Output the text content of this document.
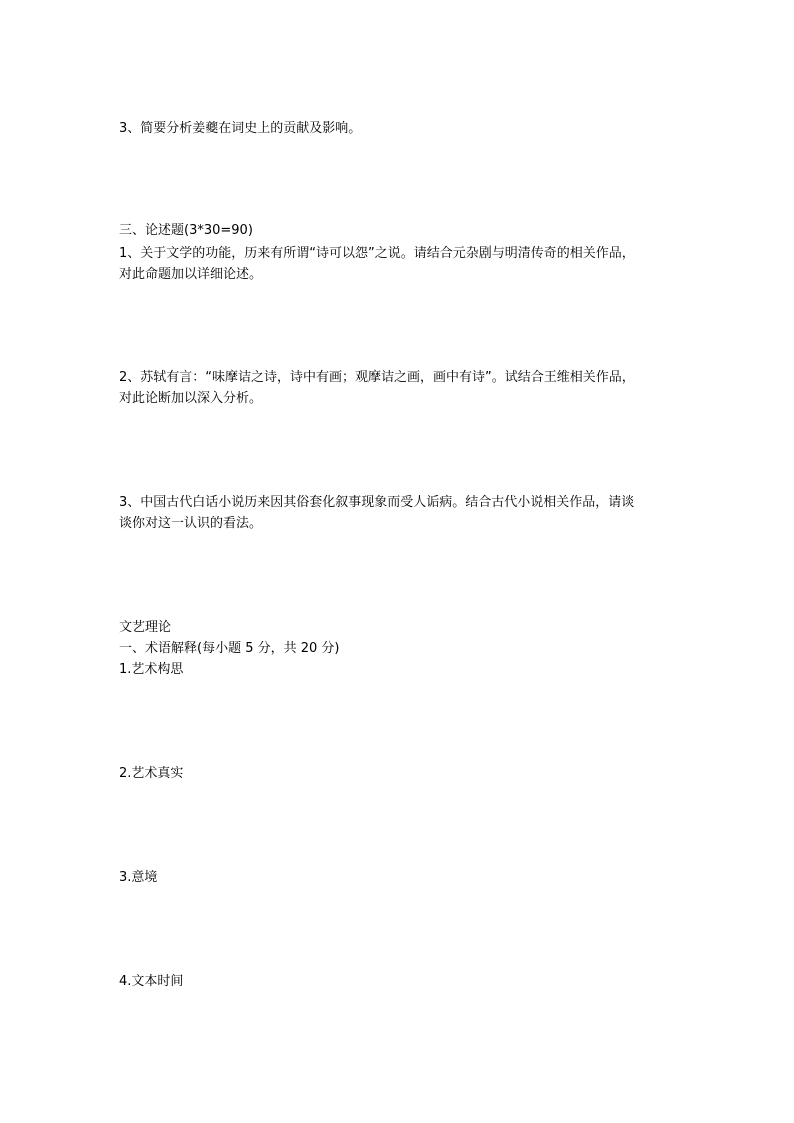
3、简要分析姜夔在词史上的贡献及影响。

三、论述题(3*30=90)

1、关于文学的功能，历来有所谓“诗可以怨”之说。请结合元杂剧与明清传奇的相关作品，

对此命题加以详细论述。

2、苏轼有言：“味摩诘之诗，诗中有画；观摩诘之画，画中有诗”。试结合王维相关作品，

对此论断加以深入分析。

3、中国古代白话小说历来因其俗套化叙事现象而受人诟病。结合古代小说相关作品，请谈

谈你对这一认识的看法。

文艺理论

一、术语解释(每小题 5 分，共 20 分)

1.艺术构思

2.艺术真实

3.意境

4.文本时间
